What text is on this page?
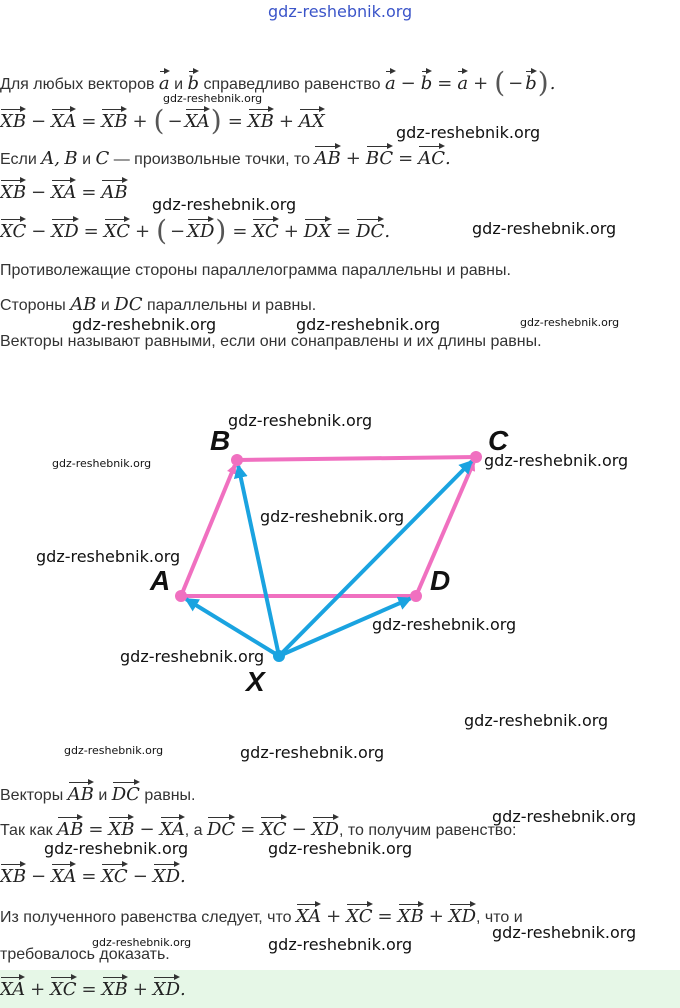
gdz-reshebnik.org
Для любых векторов a и b справедливо равенство a − b = a + ( − b).
XB − XA = XB + ( − XA) = XB + AX
Если A, B и C — произвольные точки, то AB + BC = AC.
XB − XA = AB
XC − XD = XC + ( − XD) = XC + DX = DC.
Противолежащие стороны параллелограмма параллельны и равны.
Стороны AB и DC параллельны и равны.
Векторы называют равными, если они сонаправлены и их длины равны.
A
B	C
D
X
Векторы AB и DC равны.
Так как AB = XB − XA, а DC = XC − XD, то получим равенство:
XB − XA = XC − XD.
Из полученного равенства следует, что XA + XC = XB + XD, что и
требовалось доказать.
XA + XC = XB + XD.
gdz-reshebnik.org
gdz-reshebnik.org
gdz-reshebnik.org
gdz-reshebnik.org
gdz-reshebnik.org	gdz-reshebnik.org	gdz-reshebnik.org
gdz-reshebnik.org
gdz-reshebnik.org	gdz-reshebnik.org
gdz-reshebnik.org
gdz-reshebnik.org
gdz-reshebnik.org
gdz-reshebnik.org
gdz-reshebnik.org
gdz-reshebnik.org	gdz-reshebnik.org
gdz-reshebnik.org
gdz-reshebnik.org	gdz-reshebnik.org
gdz-reshebnik.org
gdz-reshebnik.org	gdz-reshebnik.org
